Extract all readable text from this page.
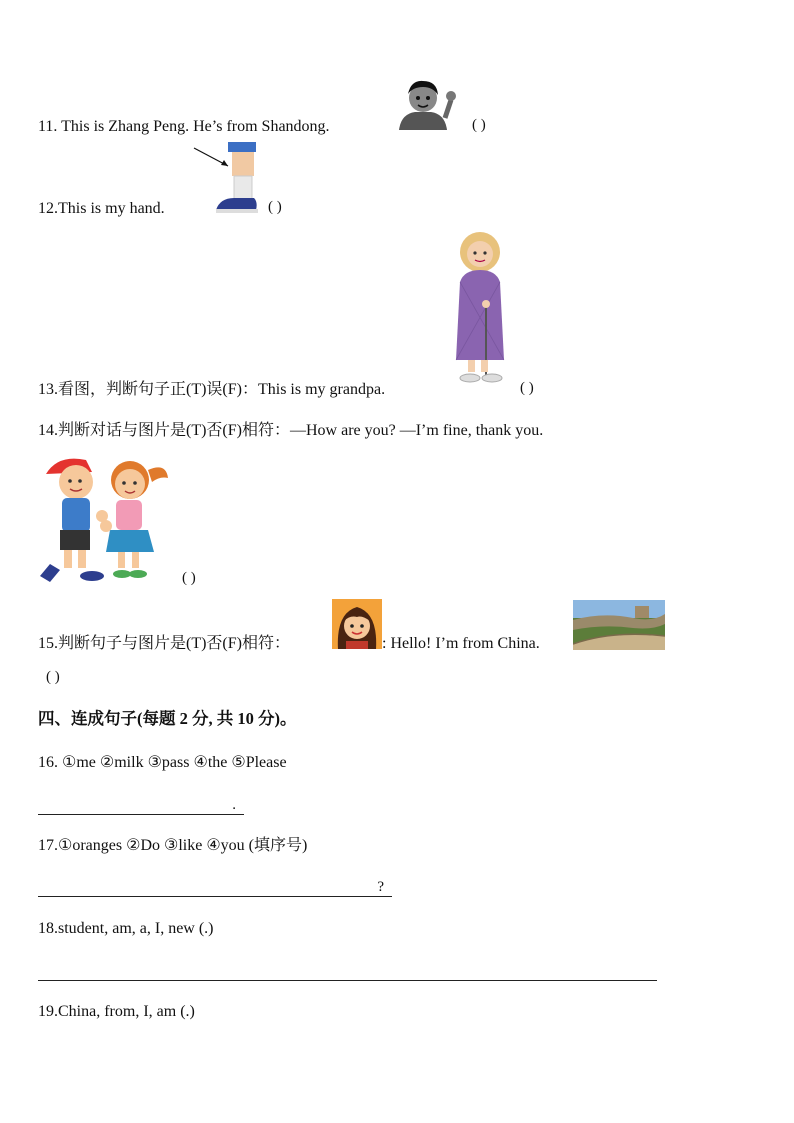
11. This is Zhang Peng. He’s from Shandong.	( )
12.This is my hand.	( )
13.看图，判断句子正(T)误(F)：This is my grandpa.	( )
14.判断对话与图片是(T)否(F)相符：—How are you? —I’m fine, thank you.
( )
15.判断句子与图片是(T)否(F)相符：	: Hello! I’m from China.
( )
四、连成句子(每题 2 分, 共 10 分)。
16. ①me ②milk ③pass ④the ⑤Please
.
17.①oranges ②Do ③like ④you (填序号)
?
18.student, am, a, I, new (.)
19.China, from, I, am (.)
